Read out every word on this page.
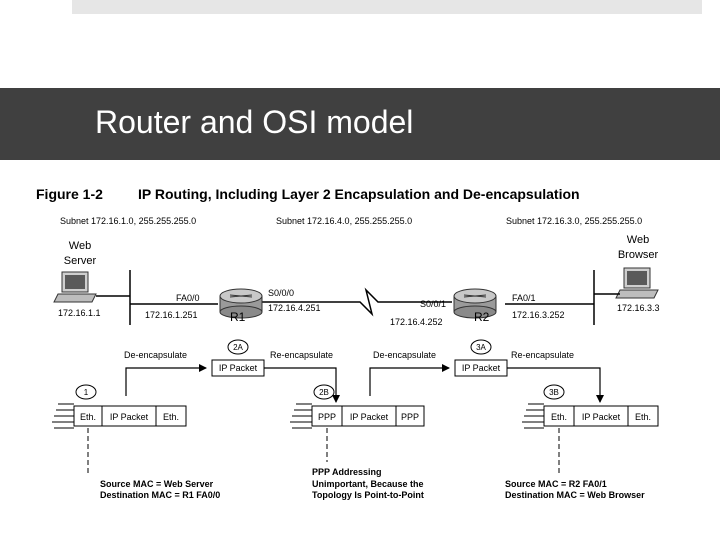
Router and OSI model
Figure 1-2	IP Routing, Including Layer 2 Encapsulation and De-encapsulation
Subnet 172.16.1.0, 255.255.255.0	Subnet 172.16.4.0, 255.255.255.0	Subnet 172.16.3.0, 255.255.255.0
Web
Server
172.16.1.1
Web
Browser
172.16.3.3
R1	R2
FA0/0
172.16.1.251
S0/0/0
172.16.4.251	S0/0/1
172.16.4.252
FA0/1
172.16.3.252
2A	3A
1	2B	3B
De-encapsulate	Re-encapsulate	De-encapsulate	Re-encapsulate
IP Packet	IP Packet
Eth. IP Packet Eth.	PPP IP Packet PPP	Eth. IP Packet Eth.
Source MAC = Web Server
Destination MAC = R1 FA0/0
PPP Addressing
Unimportant, Because the
Topology Is Point-to-Point
Source MAC = R2 FA0/1
Destination MAC = Web Browser
